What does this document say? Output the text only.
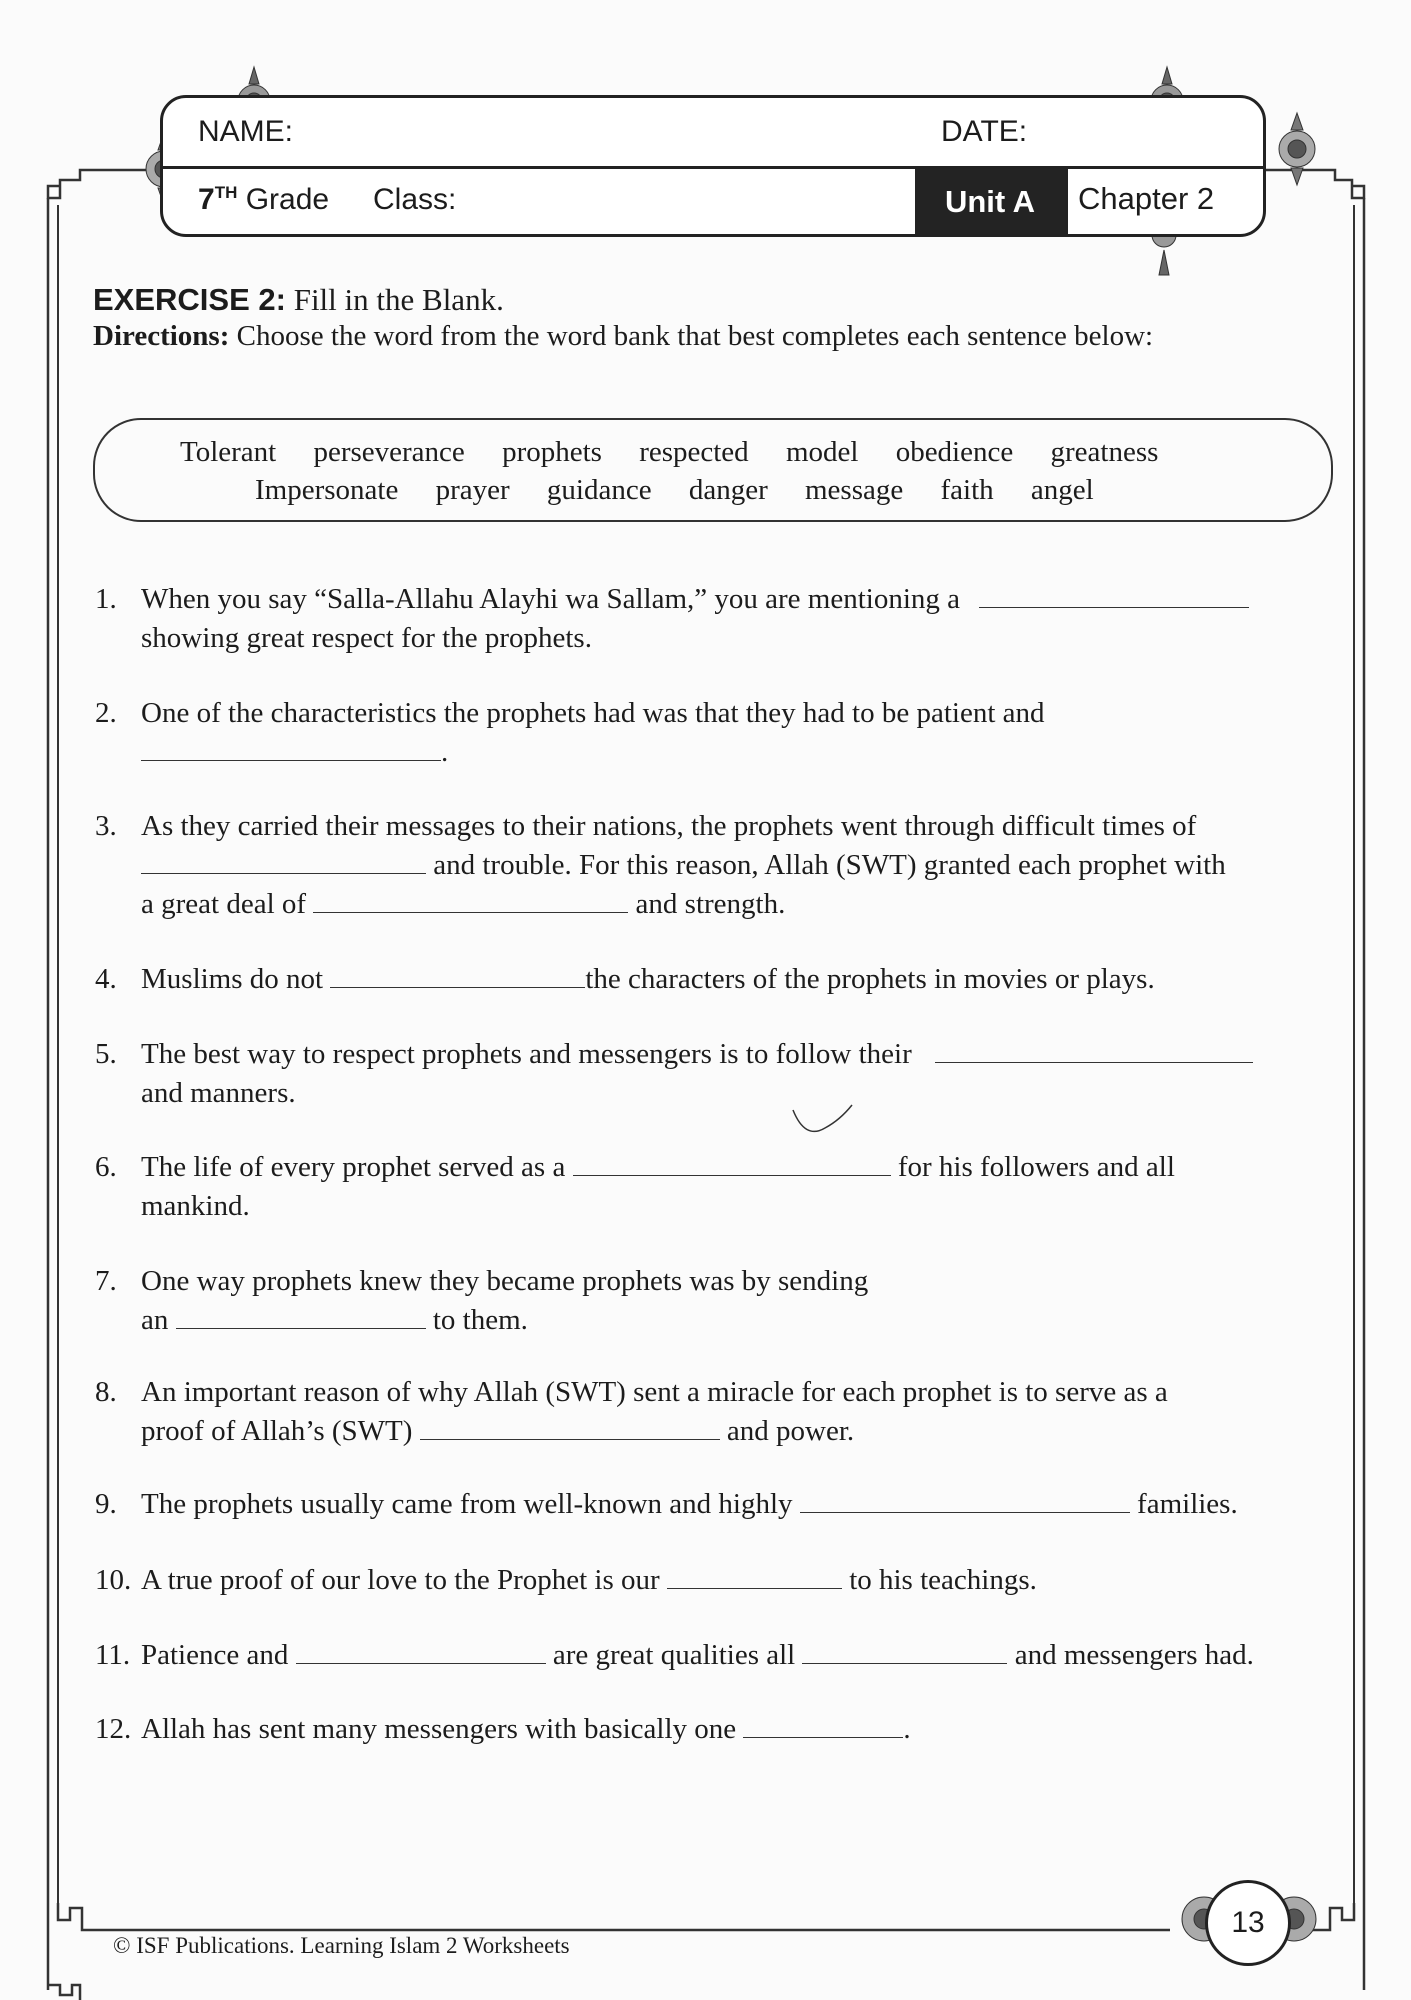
NAME:	DATE:
7TH Grade Class:	Unit A	Chapter 2
EXERCISE 2: Fill in the Blank.
Directions: Choose the word from the word bank that best completes each sentence below:
Tolerant perseverance prophets respected model obedience greatness
Impersonate prayer guidance danger message faith angel
1. When you say “Salla-Allahu Alayhi wa Sallam,” you are mentioning a
showing great respect for the prophets.
2. One of the characteristics the prophets had was that they had to be patient and
.
3. As they carried their messages to their nations, the prophets went through difficult times of
and trouble. For this reason, Allah (SWT) granted each prophet with
a great deal of	and strength.
4. Muslims do not	the characters of the prophets in movies or plays.
5. The best way to respect prophets and messengers is to follow their
and manners.
6. The life of every prophet served as a	for his followers and all
mankind.
7. One way prophets knew they became prophets was by sending
an	to them.
8. An important reason of why Allah (SWT) sent a miracle for each prophet is to serve as a
proof of Allah’s (SWT)	and power.
9. The prophets usually came from well-known and highly	families.
10. A true proof of our love to the Prophet is our	to his teachings.
11. Patience and	are great qualities all	and messengers had.
12. Allah has sent many messengers with basically one	.
13
© ISF Publications. Learning Islam 2 Worksheets
